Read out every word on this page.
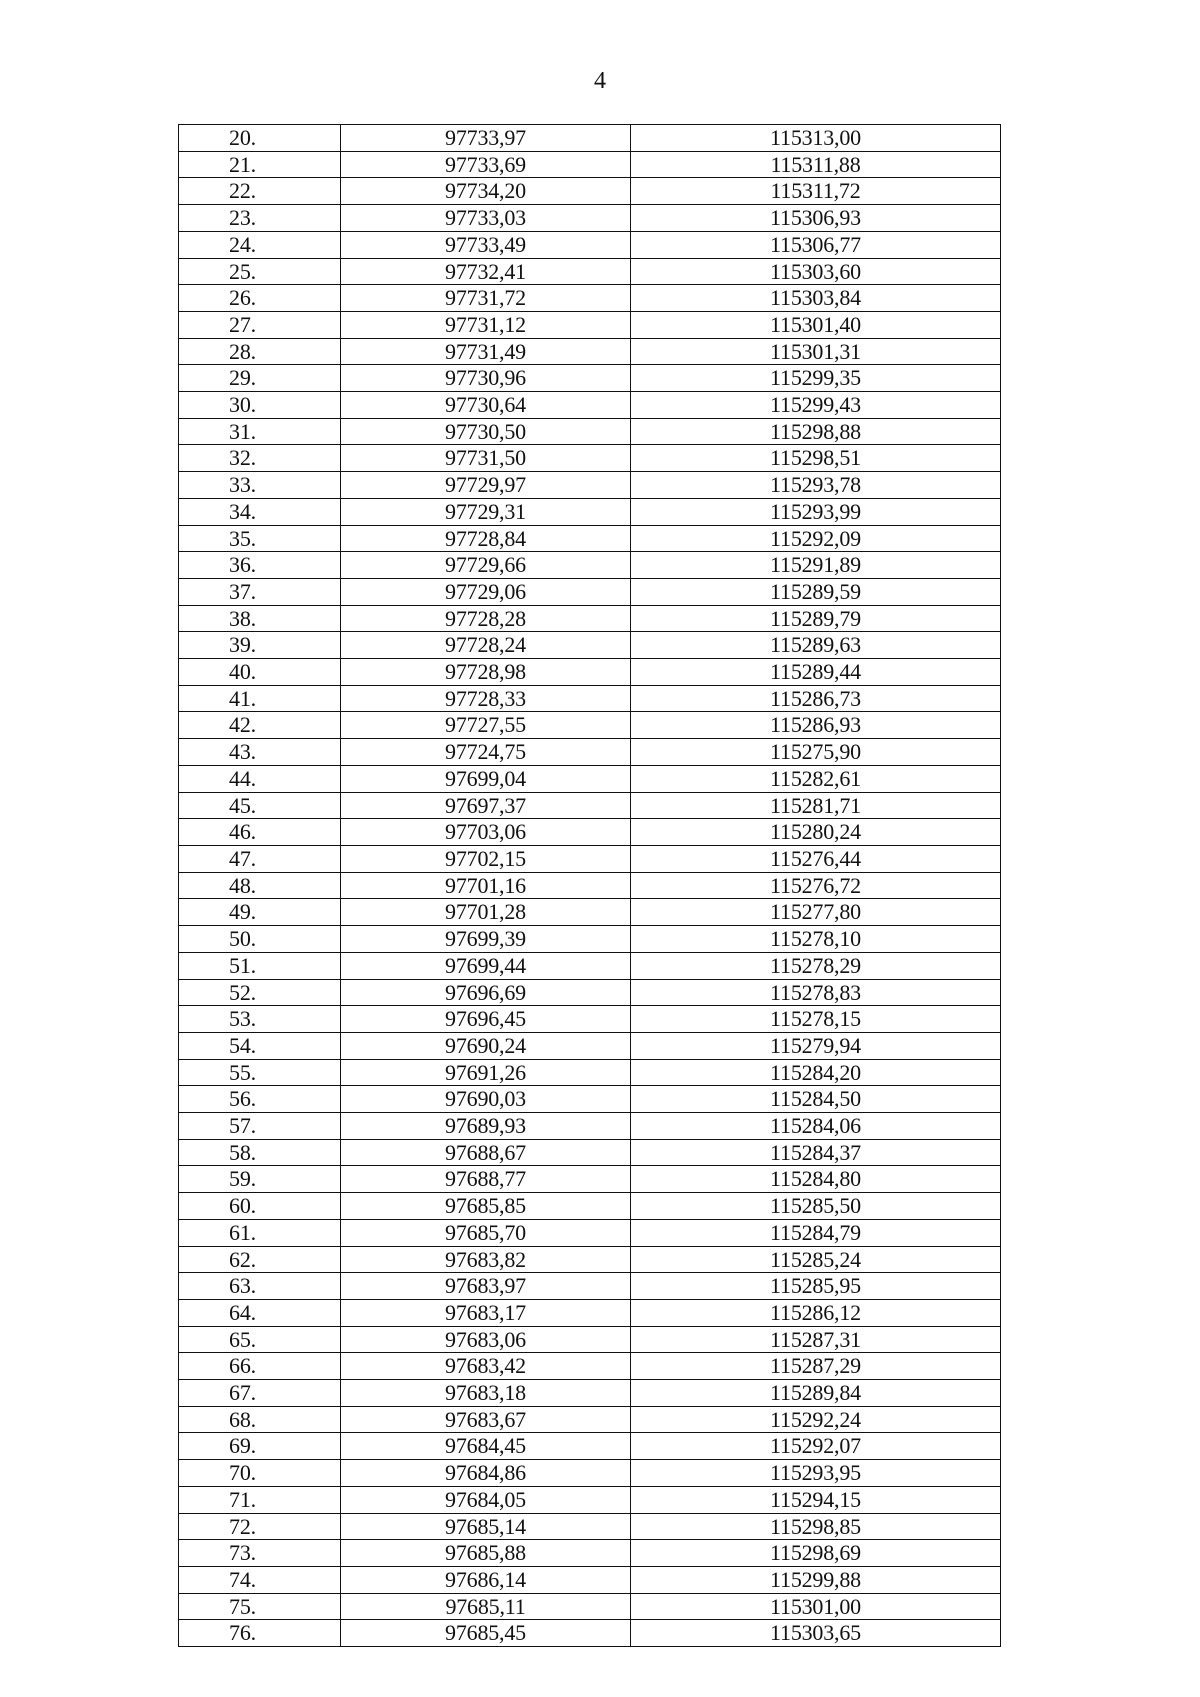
4
20.	97733,97	115313,00
21.	97733,69	115311,88
22.	97734,20	115311,72
23.	97733,03	115306,93
24.	97733,49	115306,77
25.	97732,41	115303,60
26.	97731,72	115303,84
27.	97731,12	115301,40
28.	97731,49	115301,31
29.	97730,96	115299,35
30.	97730,64	115299,43
31.	97730,50	115298,88
32.	97731,50	115298,51
33.	97729,97	115293,78
34.	97729,31	115293,99
35.	97728,84	115292,09
36.	97729,66	115291,89
37.	97729,06	115289,59
38.	97728,28	115289,79
39.	97728,24	115289,63
40.	97728,98	115289,44
41.	97728,33	115286,73
42.	97727,55	115286,93
43.	97724,75	115275,90
44.	97699,04	115282,61
45.	97697,37	115281,71
46.	97703,06	115280,24
47.	97702,15	115276,44
48.	97701,16	115276,72
49.	97701,28	115277,80
50.	97699,39	115278,10
51.	97699,44	115278,29
52.	97696,69	115278,83
53.	97696,45	115278,15
54.	97690,24	115279,94
55.	97691,26	115284,20
56.	97690,03	115284,50
57.	97689,93	115284,06
58.	97688,67	115284,37
59.	97688,77	115284,80
60.	97685,85	115285,50
61.	97685,70	115284,79
62.	97683,82	115285,24
63.	97683,97	115285,95
64.	97683,17	115286,12
65.	97683,06	115287,31
66.	97683,42	115287,29
67.	97683,18	115289,84
68.	97683,67	115292,24
69.	97684,45	115292,07
70.	97684,86	115293,95
71.	97684,05	115294,15
72.	97685,14	115298,85
73.	97685,88	115298,69
74.	97686,14	115299,88
75.	97685,11	115301,00
76.	97685,45	115303,65
